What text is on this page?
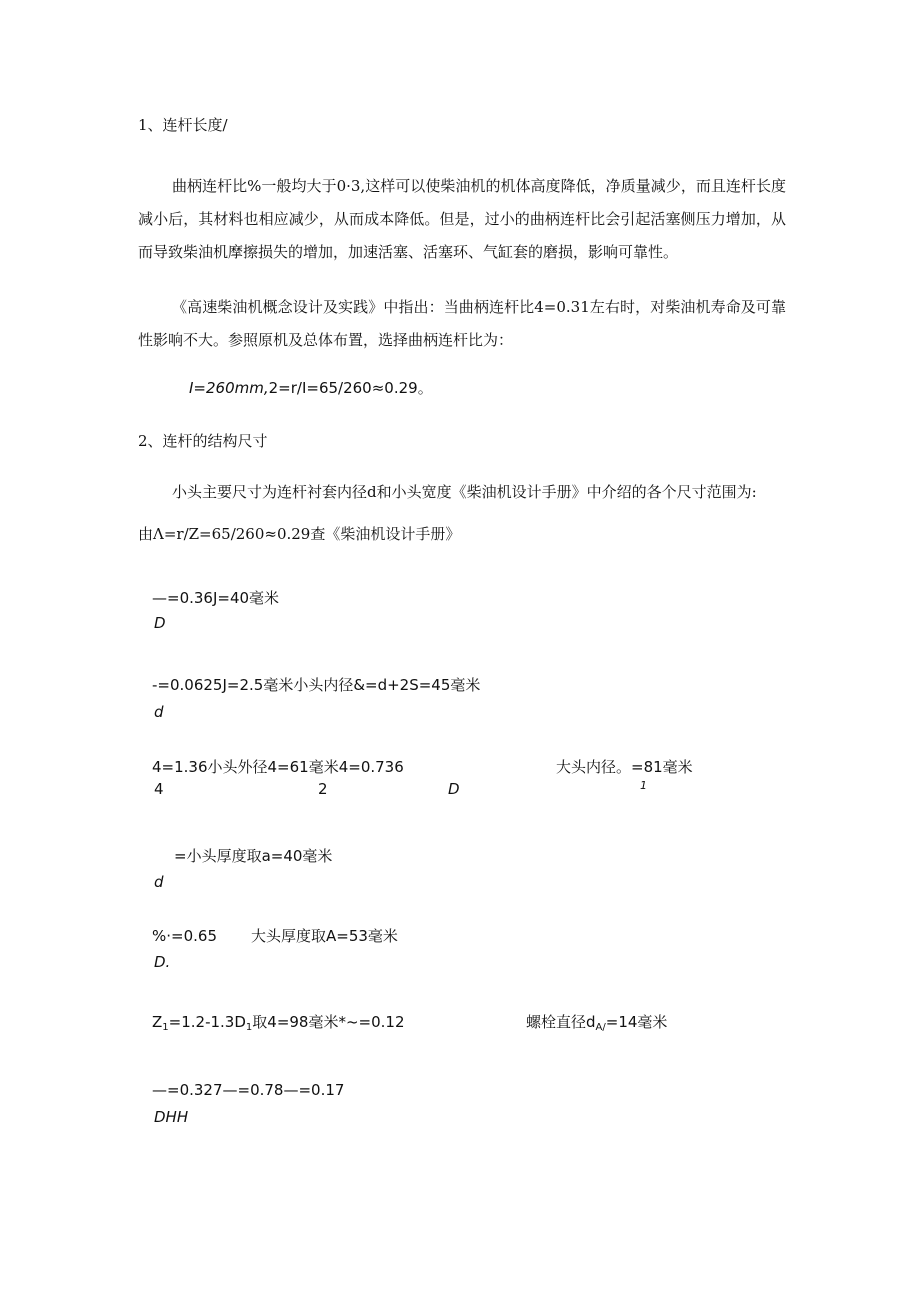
1、连杆长度/
曲柄连杆比%一般均大于0·3,这样可以使柴油机的机体高度降低，净质量减少，而且连杆长度减小后，其材料也相应减少，从而成本降低。但是，过小的曲柄连杆比会引起活塞侧压力增加，从而导致柴油机摩擦损失的增加，加速活塞、活塞环、气缸套的磨损，影响可靠性。
《高速柴油机概念设计及实践》中指出：当曲柄连杆比4=0.31左右时，对柴油机寿命及可靠性影响不大。参照原机及总体布置，选择曲柄连杆比为：
I=260mm,2=r/I=65/260≈0.29。
2、连杆的结构尺寸
小头主要尺寸为连杆衬套内径d和小头宽度《柴油机设计手册》中介绍的各个尺寸范围为:
由Λ=r/Z=65/260≈0.29查《柴油机设计手册》
—=0.36J=40毫米
D
-=0.0625J=2.5毫米小头内径&=d+2S=45毫米
d
4=1.36小头外径4=61毫米4=0.736	大头内径。=81毫米
4	2	D	1
=小头厚度取a=40毫米
d
%·=0.65 大头厚度取A=53毫米
D.
$Z_1=1.2-1.3D_1$取4=98毫米*~=0.12	螺栓直径$d_{A/}=14$毫米
—=0.327—=0.78—=0.17
DHH
